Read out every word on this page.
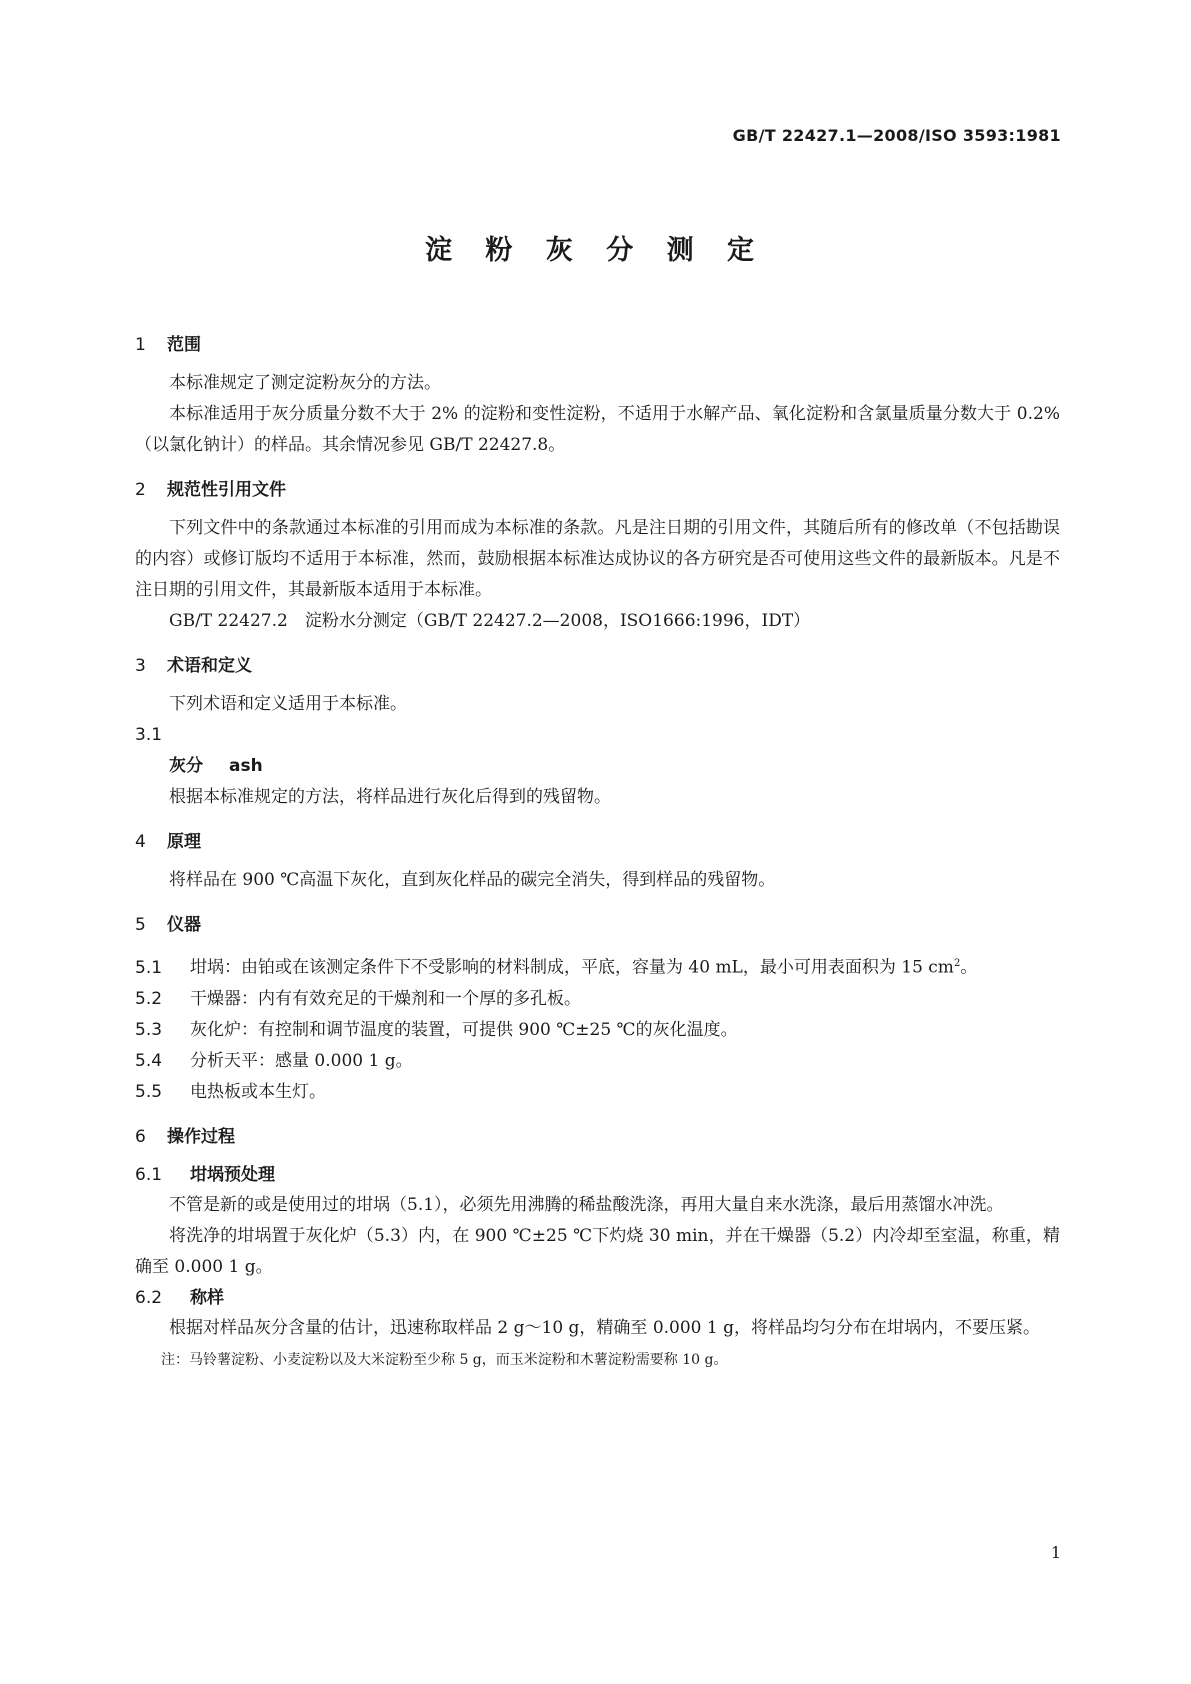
GB/T 22427.1—2008/ISO 3593:1981
淀 粉 灰 分 测 定
1 范围

本标准规定了测定淀粉灰分的方法。

本标准适用于灰分质量分数不大于 2% 的淀粉和变性淀粉，不适用于水解产品、氧化淀粉和含氯量质量分数大于 0.2%（以氯化钠计）的样品。其余情况参见 GB/T 22427.8。

2 规范性引用文件

下列文件中的条款通过本标准的引用而成为本标准的条款。凡是注日期的引用文件，其随后所有的修改单（不包括勘误的内容）或修订版均不适用于本标准，然而，鼓励根据本标准达成协议的各方研究是否可使用这些文件的最新版本。凡是不注日期的引用文件，其最新版本适用于本标准。

GB/T 22427.2　淀粉水分测定（GB/T 22427.2—2008，ISO1666:1996，IDT）

3 术语和定义

下列术语和定义适用于本标准。

3.1

灰分 ash

根据本标准规定的方法，将样品进行灰化后得到的残留物。

4 原理

将样品在 900 ℃高温下灰化，直到灰化样品的碳完全消失，得到样品的残留物。

5 仪器

5.1 坩埚：由铂或在该测定条件下不受影响的材料制成，平底，容量为 40 mL，最小可用表面积为 15 $cm^2$。

5.2 干燥器：内有有效充足的干燥剂和一个厚的多孔板。

5.3 灰化炉：有控制和调节温度的装置，可提供 900 ℃±25 ℃的灰化温度。

5.4 分析天平：感量 0.000 1 g。

5.5 电热板或本生灯。

6 操作过程
6.1 坩埚预处理

不管是新的或是使用过的坩埚（5.1），必须先用沸腾的稀盐酸洗涤，再用大量自来水洗涤，最后用蒸馏水冲洗。

将洗净的坩埚置于灰化炉（5.3）内，在 900 ℃±25 ℃下灼烧 30 min，并在干燥器（5.2）内冷却至室温，称重，精确至 0.000 1 g。

6.2 称样

根据对样品灰分含量的估计，迅速称取样品 2 g～10 g，精确至 0.000 1 g，将样品均匀分布在坩埚内，不要压紧。

注：马铃薯淀粉、小麦淀粉以及大米淀粉至少称 5 g，而玉米淀粉和木薯淀粉需要称 10 g。

1
